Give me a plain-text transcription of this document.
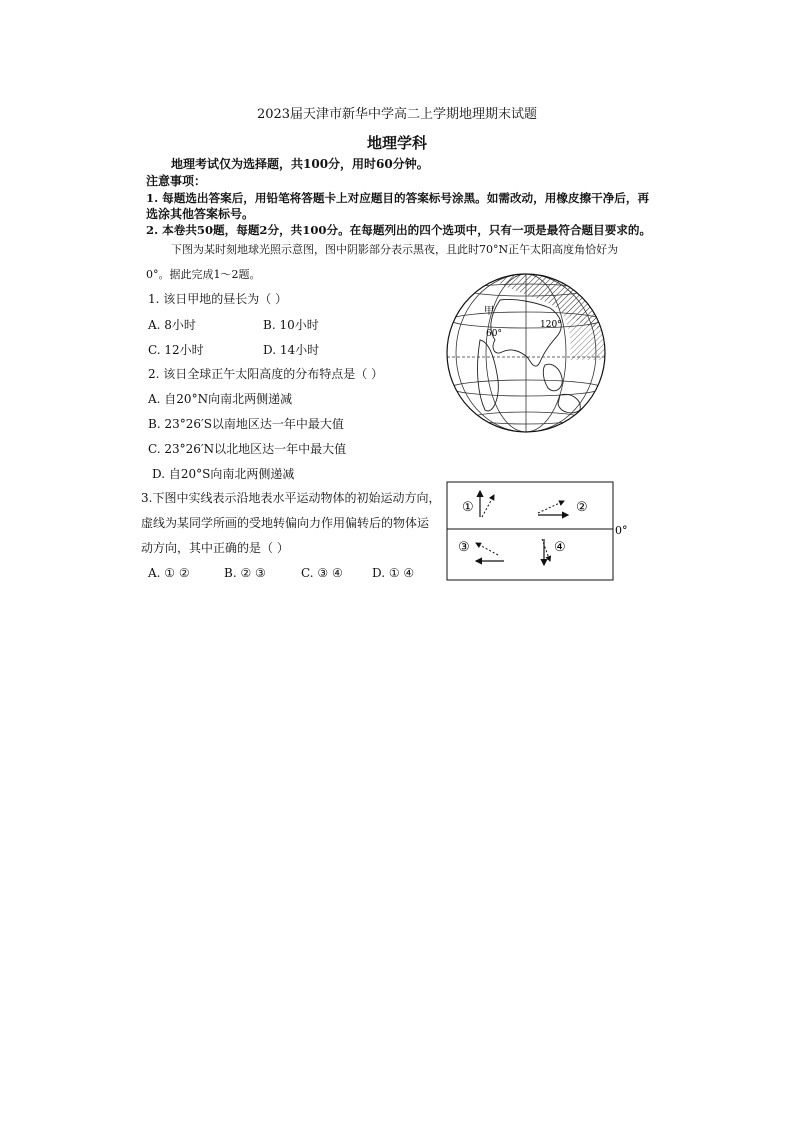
2023届天津市新华中学高二上学期地理期末试题
地理学科
地理考试仅为选择题，共100分，用时60分钟。
注意事项：
1. 每题选出答案后，用铅笔将答题卡上对应题目的答案标号涂黑。如需改动，用橡皮擦干净后，再
选涂其他答案标号。
2. 本卷共50题，每题2分，共100分。在每题列出的四个选项中，只有一项是最符合题目要求的。
下图为某时刻地球光照示意图，图中阴影部分表示黑夜，且此时70°N正午太阳高度角恰好为
0°。据此完成1～2题。
1. 该日甲地的昼长为（ ）
A. 8小时	B. 10小时
C. 12小时	D. 14小时
2. 该日全球正午太阳高度的分布特点是（ ）
A. 自20°N向南北两侧递减
B. 23°26′S以南地区达一年中最大值
C. 23°26′N以北地区达一年中最大值
D. 自20°S向南北两侧递减
3.下图中实线表示沿地表水平运动物体的初始运动方向，
虚线为某同学所画的受地转偏向力作用偏转后的物体运
动方向，其中正确的是（ ）
A. ① ②	B. ② ③	C. ③ ④ D. ① ④
甲
60°
120°
①	②
③	④
0°
